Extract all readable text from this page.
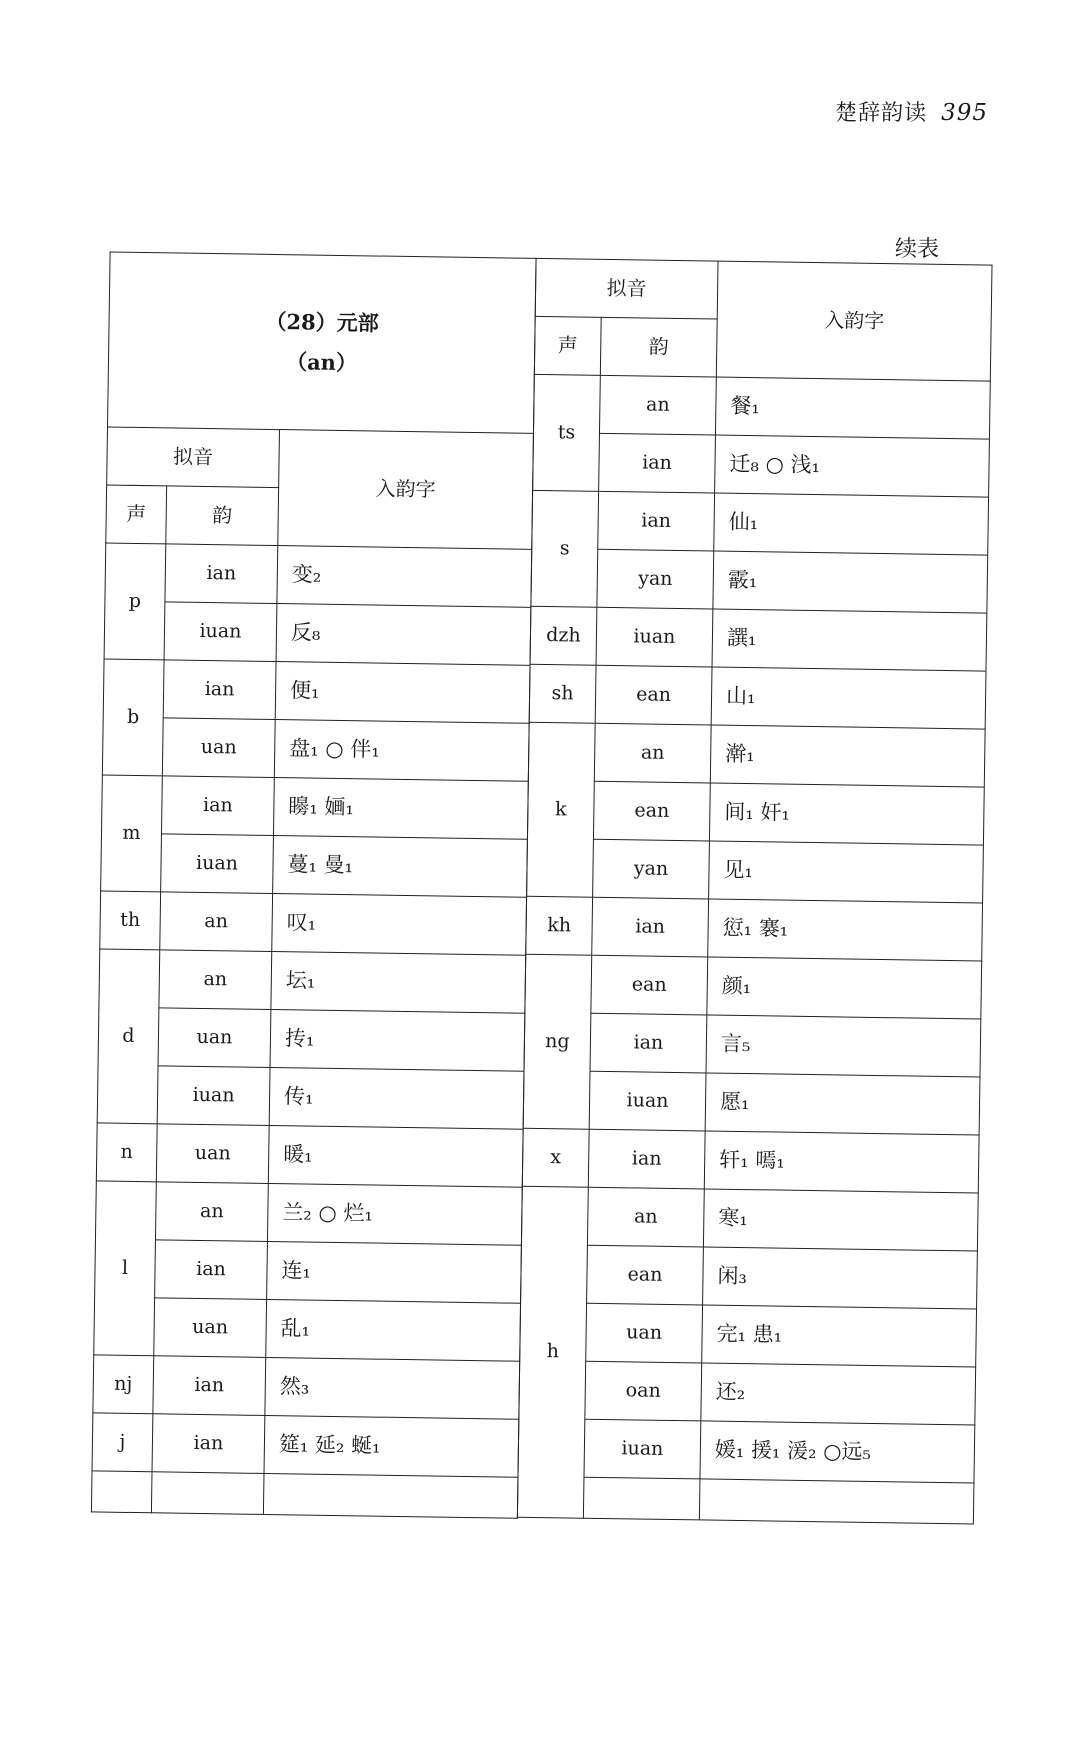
楚辞韵读 395
续表
（28）元部
（an）		

拟音		入韵字
声	韵	
p	ian	变₂
	iuan	反₈
b	ian	便₁
	uan	盘₁ ○ 伴₁
m	ian	矈₁ 婳₁
	iuan	蔓₁ 曼₁
th	an	叹₁
d	an	坛₁
	uan	抟₁
	iuan	传₁
n	uan	暖₁
l	an	兰₂ ○ 烂₁
	ian	连₁
	uan	乱₁
nj	ian	然₃
j	ian	筵₁ 延₂ 蜒₁

拟音		入韵字
声	韵	
ts	an	餐₁
	ian	迁₈ ○ 浅₁
s	ian	仙₁
	yan	霰₁
dzh	iuan	譔₁
sh	ean	山₁
k	an	澣₁
	ean	间₁ 奸₁
	yan	见₁
kh	ian	愆₁ 褰₁
ng	ean	颜₁
	ian	言₅
	iuan	愿₁
x	ian	轩₁ 嘕₁
h	an	寒₁
	ean	闲₃
	uan	完₁ 患₁
	oan	还₂
	iuan	媛₁ 援₁ 湲₂ ○远₅
